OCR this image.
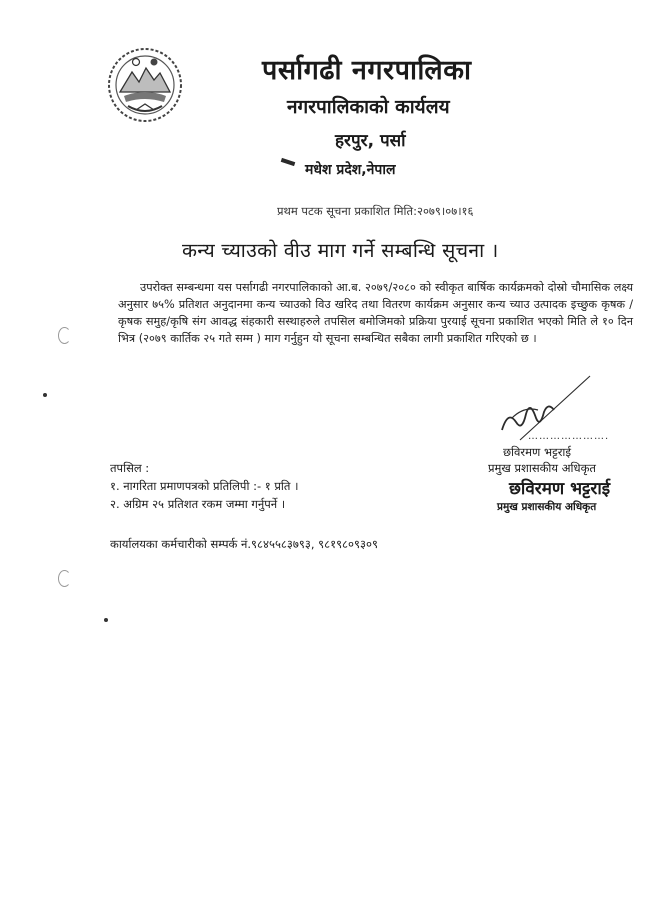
पर्सागढी नगरपालिका
नगरपालिकाको कार्यलय
हरपुर, पर्सा
मधेश प्रदेश,नेपाल
प्रथम पटक सूचना प्रकाशित मिति:२०७९।०७।१६
कन्य च्याउको वीउ माग गर्ने सम्बन्धि सूचना ।
उपरोक्त सम्बन्धमा यस पर्सागढी नगरपालिकाको आ.ब. २०७९/२०८० को स्वीकृत बार्षिक कार्यक्रमको दोस्रो चौमासिक लक्ष्य अनुसार ७५% प्रतिशत अनुदानमा कन्य च्याउको विउ खरिद तथा वितरण कार्यक्रम अनुसार कन्य च्याउ उत्पादक इच्छुक कृषक /कृषक समुह/कृषि संग आवद्ध संहकारी सस्थाहरुले तपसिल बमोजिमको प्रक्रिया पुरयाई सूचना प्रकाशित भएको मिति ले १० दिन भित्र (२०७९ कार्तिक २५ गते सम्म ) माग गर्नुहुन यो सूचना सम्बन्धित सबैका लागी प्रकाशित गरिएको छ ।
………………….
छविरमण भट्टराई
प्रमुख प्रशासकीय अधिकृत
छविरमण भट्टराई
प्रमुख प्रशासकीय अधिकृत
तपसिल :
१. नागरिता प्रमाणपत्रको प्रतिलिपी :- १ प्रति ।
२. अग्रिम २५ प्रतिशत रकम जम्मा गर्नुपर्ने ।
कार्यालयका कर्मचारीको सम्पर्क नं.९८४५५८३७९३, ९८१९८०९३०९
